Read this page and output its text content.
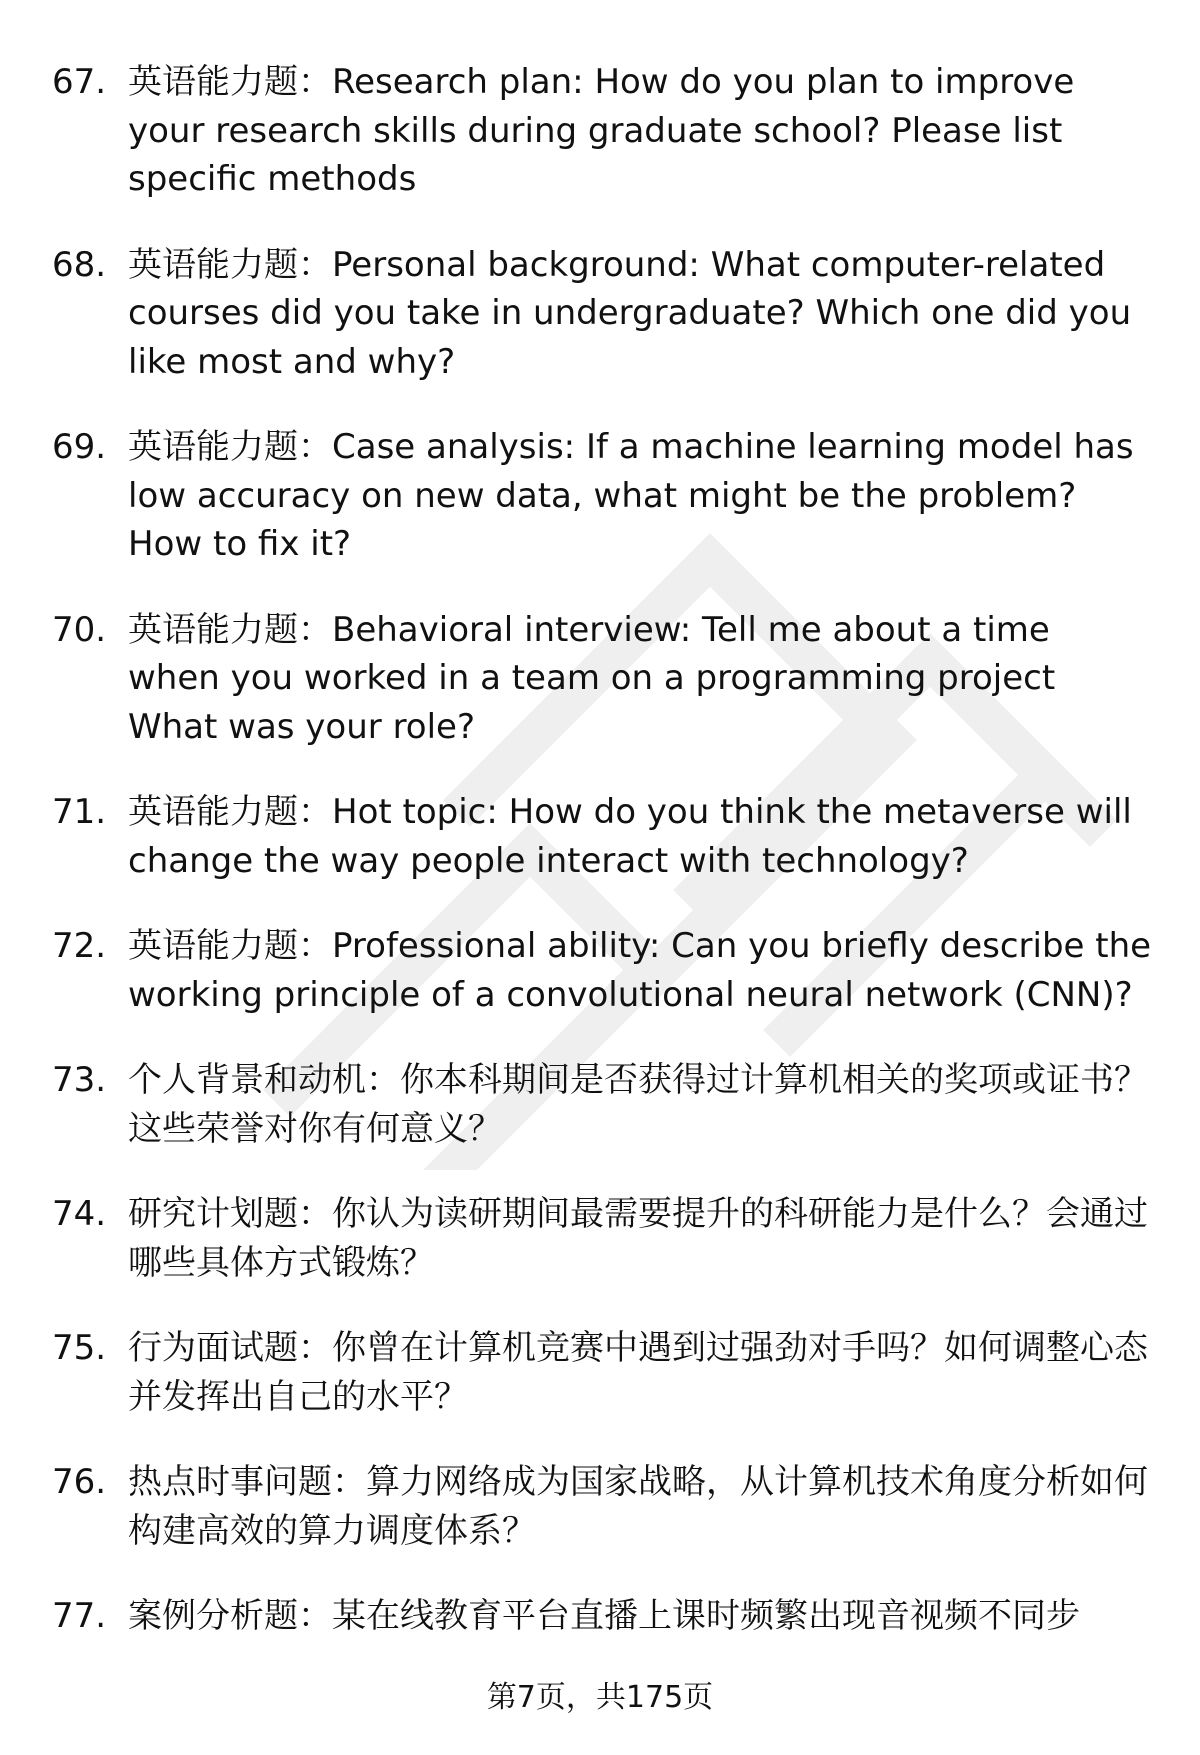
67. 英语能力题：Research plan: How do you plan to improve your research skills during graduate school? Please list specific methods
68. 英语能力题：Personal background: What computer-related courses did you take in undergraduate? Which one did you like most and why?
69. 英语能力题：Case analysis: If a machine learning model has low accuracy on new data, what might be the problem? How to fix it?
70. 英语能力题：Behavioral interview: Tell me about a time when you worked in a team on a programming project What was your role?
71. 英语能力题：Hot topic: How do you think the metaverse will change the way people interact with technology?
72. 英语能力题：Professional ability: Can you briefly describe the working principle of a convolutional neural network (CNN)?
73. 个人背景和动机：你本科期间是否获得过计算机相关的奖项或证书？这些荣誉对你有何意义？
74. 研究计划题：你认为读研期间最需要提升的科研能力是什么？会通过哪些具体方式锻炼？
75. 行为面试题：你曾在计算机竞赛中遇到过强劲对手吗？如何调整心态并发挥出自己的水平？
76. 热点时事问题：算力网络成为国家战略，从计算机技术角度分析如何构建高效的算力调度体系？
77. 案例分析题：某在线教育平台直播上课时频繁出现音视频不同步
第7页，共175页
